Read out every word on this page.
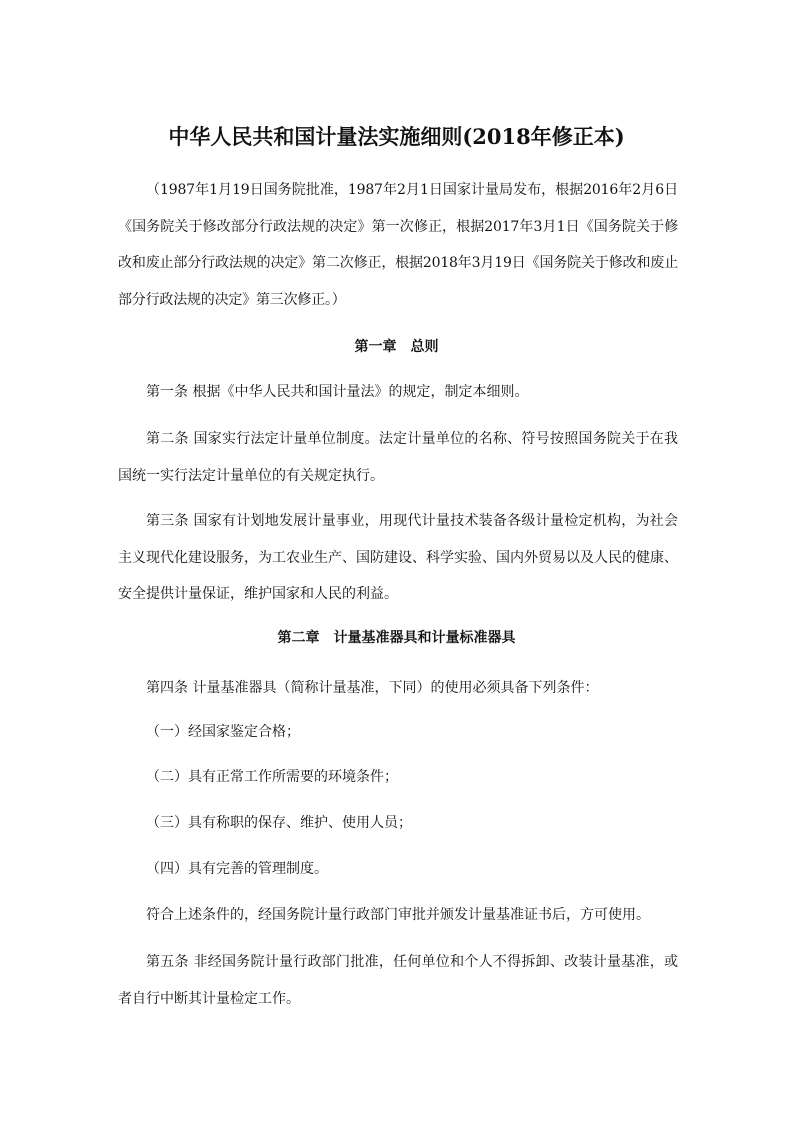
中华人民共和国计量法实施细则(2018年修正本)
（1987年1月19日国务院批准，1987年2月1日国家计量局发布，根据2016年2月6日《国务院关于修改部分行政法规的决定》第一次修正，根据2017年3月1日《国务院关于修改和废止部分行政法规的决定》第二次修正，根据2018年3月19日《国务院关于修改和废止部分行政法规的决定》第三次修正。）
第一章　总则
第一条 根据《中华人民共和国计量法》的规定，制定本细则。
第二条 国家实行法定计量单位制度。法定计量单位的名称、符号按照国务院关于在我国统一实行法定计量单位的有关规定执行。
第三条 国家有计划地发展计量事业，用现代计量技术装备各级计量检定机构，为社会主义现代化建设服务，为工农业生产、国防建设、科学实验、国内外贸易以及人民的健康、安全提供计量保证，维护国家和人民的利益。
第二章　计量基准器具和计量标准器具
第四条 计量基准器具（简称计量基准，下同）的使用必须具备下列条件：
（一）经国家鉴定合格；
（二）具有正常工作所需要的环境条件；
（三）具有称职的保存、维护、使用人员；
（四）具有完善的管理制度。
符合上述条件的，经国务院计量行政部门审批并颁发计量基准证书后，方可使用。
第五条 非经国务院计量行政部门批准，任何单位和个人不得拆卸、改装计量基准，或者自行中断其计量检定工作。
